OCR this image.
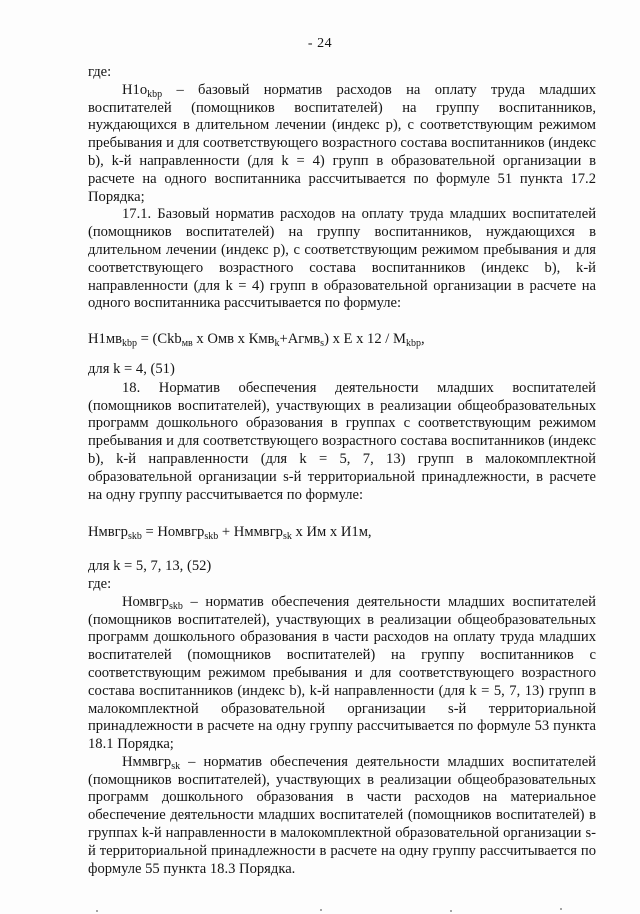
- 24

где:

$Н1о_{kbp}$ – базовый норматив расходов на оплату труда младших воспитателей (помощников воспитателей) на группу воспитанников, нуждающихся в длительном лечении (индекс р), с соответствующим режимом пребывания и для соответствующего возрастного состава воспитанников (индекс b), k-й направленности (для k = 4) групп в образовательной организации в расчете на одного воспитанника рассчитывается по формуле 51 пункта 17.2 Порядка;

17.1. Базовый норматив расходов на оплату труда младших воспитателей (помощников воспитателей) на группу воспитанников, нуждающихся в длительном лечении (индекс р), с соответствующим режимом пребывания и для соответствующего возрастного состава воспитанников (индекс b), k-й направленности (для k = 4) групп в образовательной организации в расчете на одного воспитанника рассчитывается по формуле:

$Н1мв_{kbp} = (Ckb_{мв}$ х Омв х Кмв$_k$+Агмв$_s$) х Е х $12 / М_{kbp}$,

для k = 4, (51)

18. Норматив обеспечения деятельности младших воспитателей (помощников воспитателей), участвующих в реализации общеобразовательных программ дошкольного образования в группах с соответствующим режимом пребывания и для соответствующего возрастного состава воспитанников (индекс b), k-й направленности (для k = 5, 7, 13) групп в малокомплектной образовательной организации s-й территориальной принадлежности, в расчете на одну группу рассчитывается по формуле:

Нмвгр$_{skb}$ = Номвгр$_{skb}$ + Нммвгр$_{sk}$ х Им х И1м,

для k = 5, 7, 13, (52)

где:

Номвгр$_{skb}$ – норматив обеспечения деятельности младших воспитателей (помощников воспитателей), участвующих в реализации общеобразовательных программ дошкольного образования в части расходов на оплату труда младших воспитателей (помощников воспитателей) на группу воспитанников с соответствующим режимом пребывания и для соответствующего возрастного состава воспитанников (индекс b), k-й направленности (для k = 5, 7, 13) групп в малокомплектной образовательной организации s-й территориальной принадлежности в расчете на одну группу рассчитывается по формуле 53 пункта 18.1 Порядка;

Нммвгр$_{sk}$ – норматив обеспечения деятельности младших воспитателей (помощников воспитателей), участвующих в реализации общеобразовательных программ дошкольного образования в части расходов на материальное обеспечение деятельности младших воспитателей (помощников воспитателей) в группах k-й направленности в малокомплектной образовательной организации s-й территориальной принадлежности в расчете на одну группу рассчитывается по формуле 55 пункта 18.3 Порядка.
